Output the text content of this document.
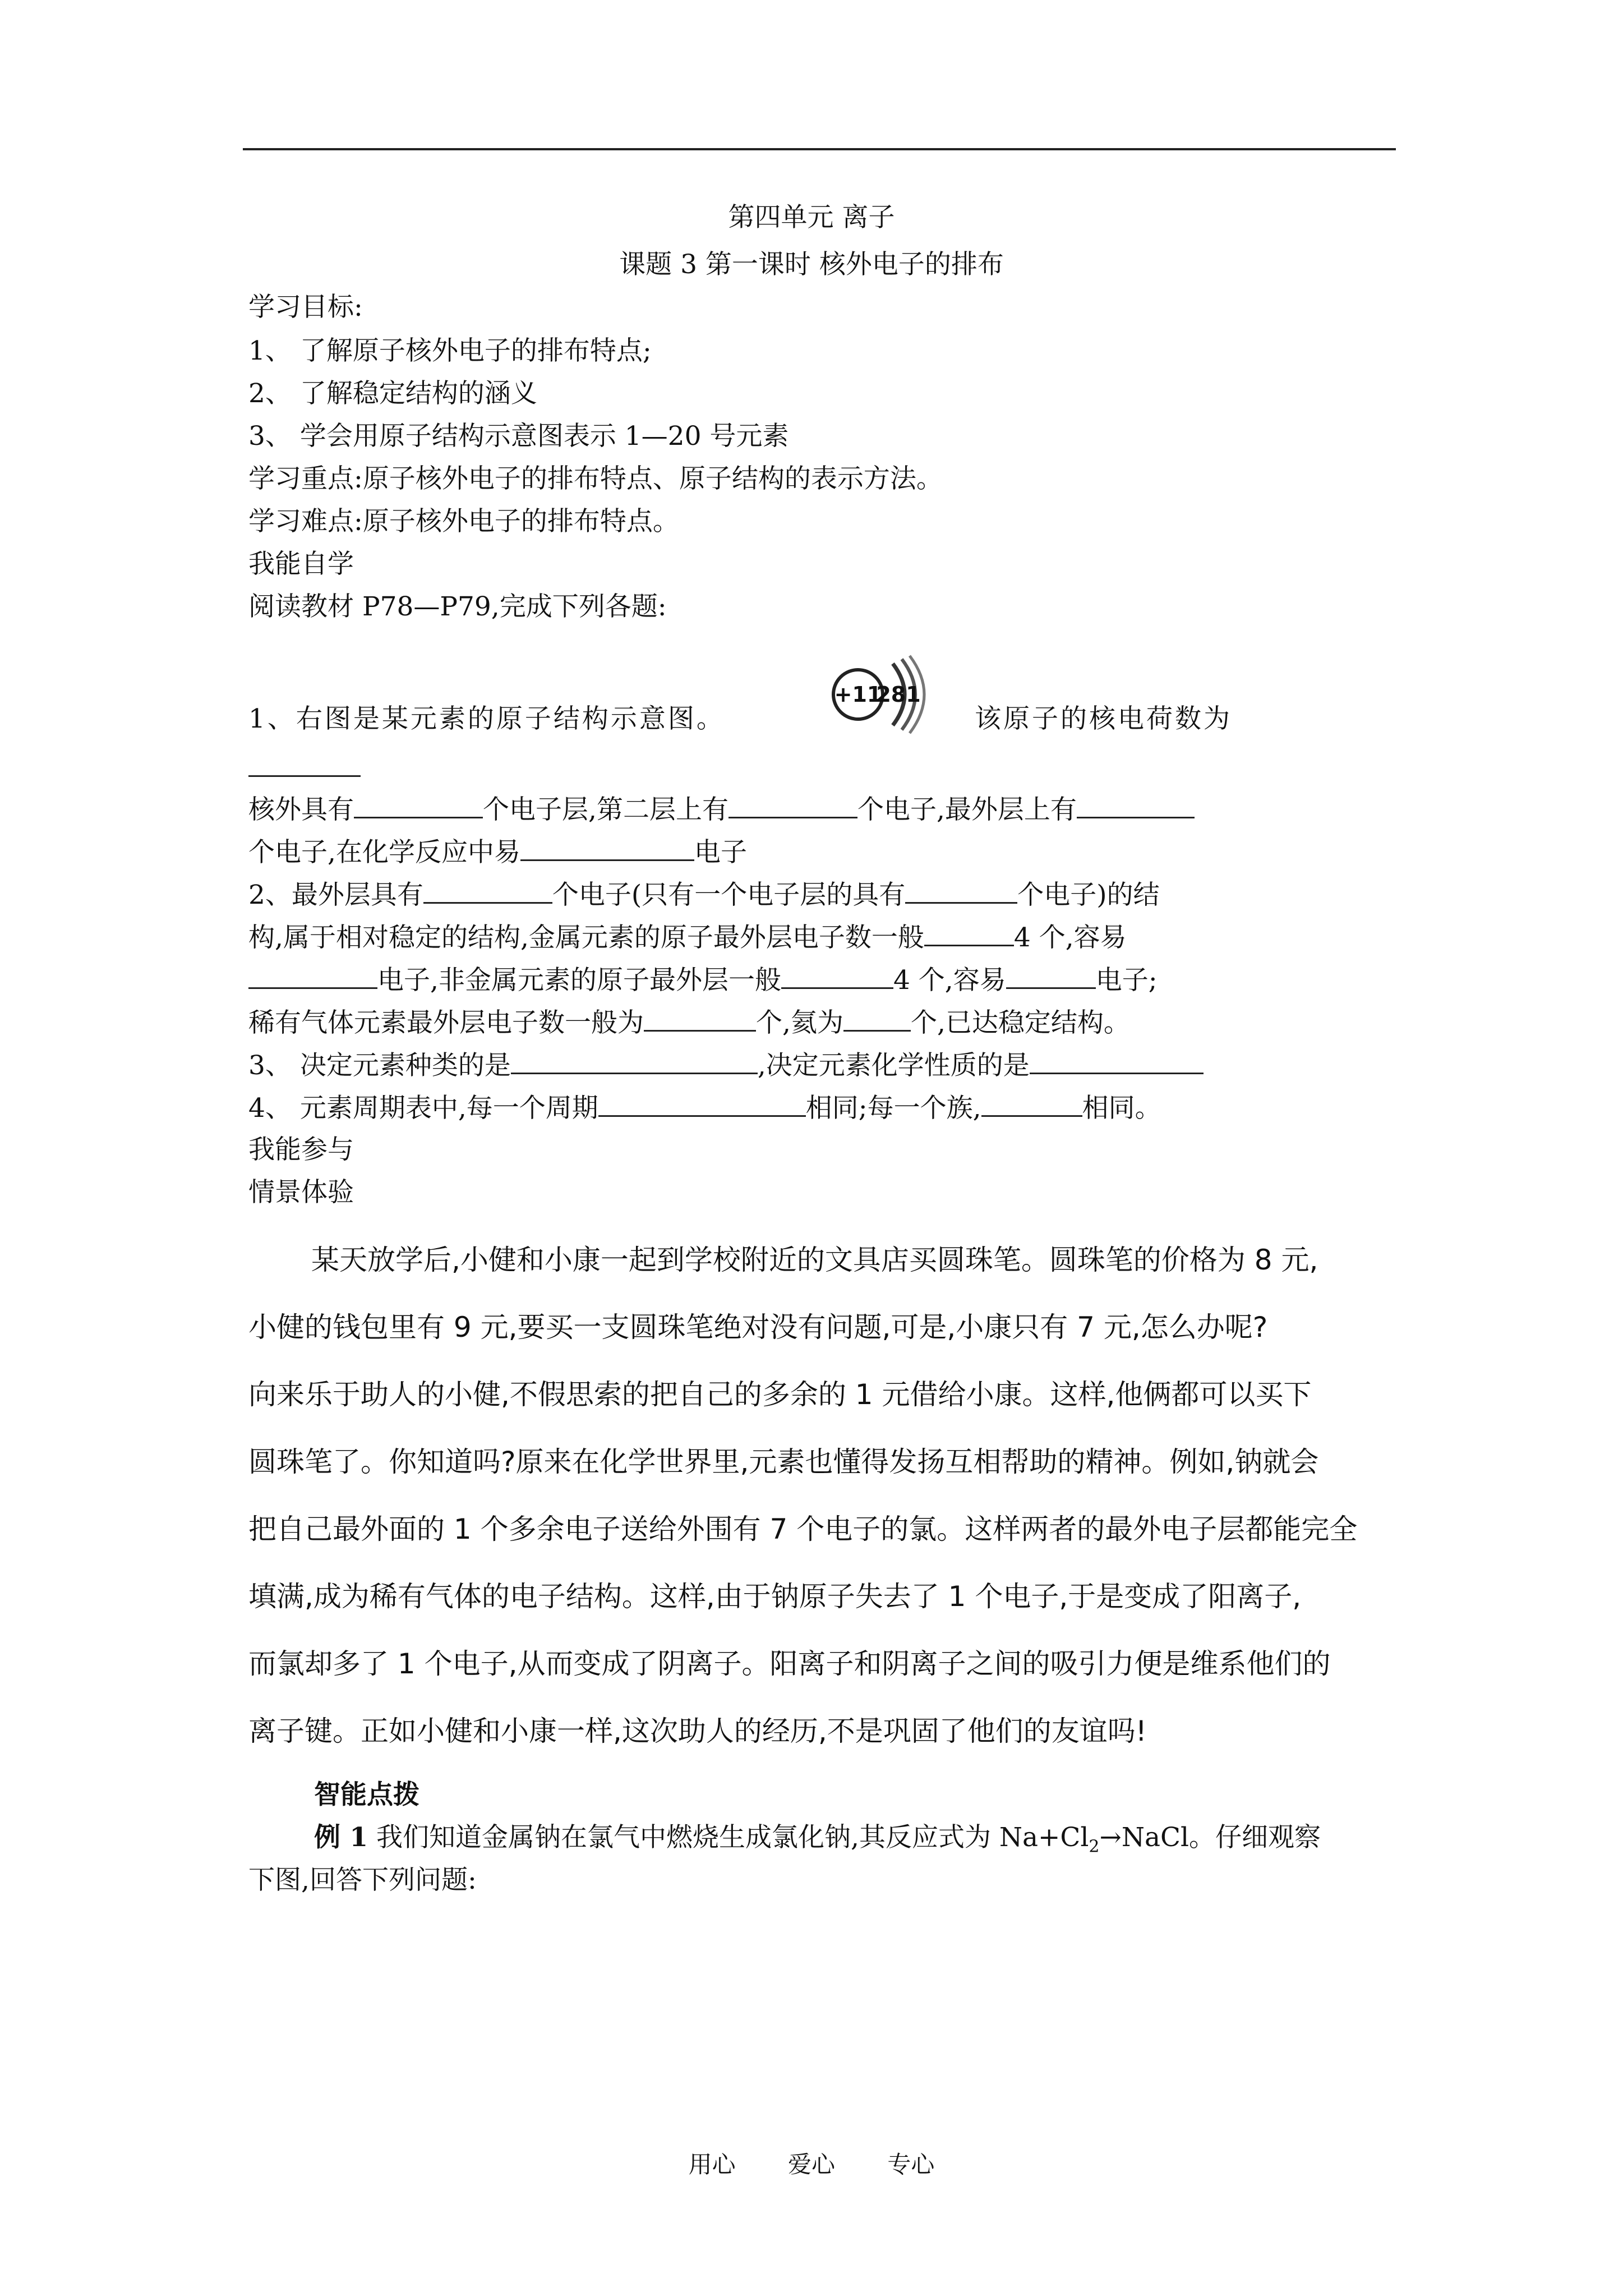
第四单元 离子
课题 3 第一课时 核外电子的排布
学习目标:
1、 了解原子核外电子的排布特点;
2、 了解稳定结构的涵义
3、 学会用原子结构示意图表示 1—20 号元素
学习重点:原子核外电子的排布特点、原子结构的表示方法。
学习难点:原子核外电子的排布特点。
我能自学
阅读教材 P78—P79,完成下列各题:
1、右图是某元素的原子结构示意图。
+11
281
该原子的核电荷数为
核外具有	个电子层,第二层上有	个电子,最外层上有
个电子,在化学反应中易	电子
2、最外层具有	个电子(只有一个电子层的具有	个电子)的结
构,属于相对稳定的结构,金属元素的原子最外层电子数一般	4 个,容易
电子,非金属元素的原子最外层一般	4 个,容易	电子;
稀有气体元素最外层电子数一般为	个,氦为	个,已达稳定结构。
3、 决定元素种类的是	,决定元素化学性质的是
4、 元素周期表中,每一个周期	相同;每一个族,	相同。
我能参与
情景体验
某天放学后,小健和小康一起到学校附近的文具店买圆珠笔。圆珠笔的价格为 8 元,
小健的钱包里有 9 元,要买一支圆珠笔绝对没有问题,可是,小康只有 7 元,怎么办呢?
向来乐于助人的小健,不假思索的把自己的多余的 1 元借给小康。这样,他俩都可以买下
圆珠笔了。你知道吗?原来在化学世界里,元素也懂得发扬互相帮助的精神。例如,钠就会
把自己最外面的 1 个多余电子送给外围有 7 个电子的氯。这样两者的最外电子层都能完全
填满,成为稀有气体的电子结构。这样,由于钠原子失去了 1 个电子,于是变成了阳离子,
而氯却多了 1 个电子,从而变成了阴离子。阳离子和阴离子之间的吸引力便是维系他们的
离子键。正如小健和小康一样,这次助人的经历,不是巩固了他们的友谊吗!
智能点拨
例 1 我们知道金属钠在氯气中燃烧生成氯化钠,其反应式为 $Na+Cl_2\to NaCl$。仔细观察
下图,回答下列问题:
用心 爱心 专心
